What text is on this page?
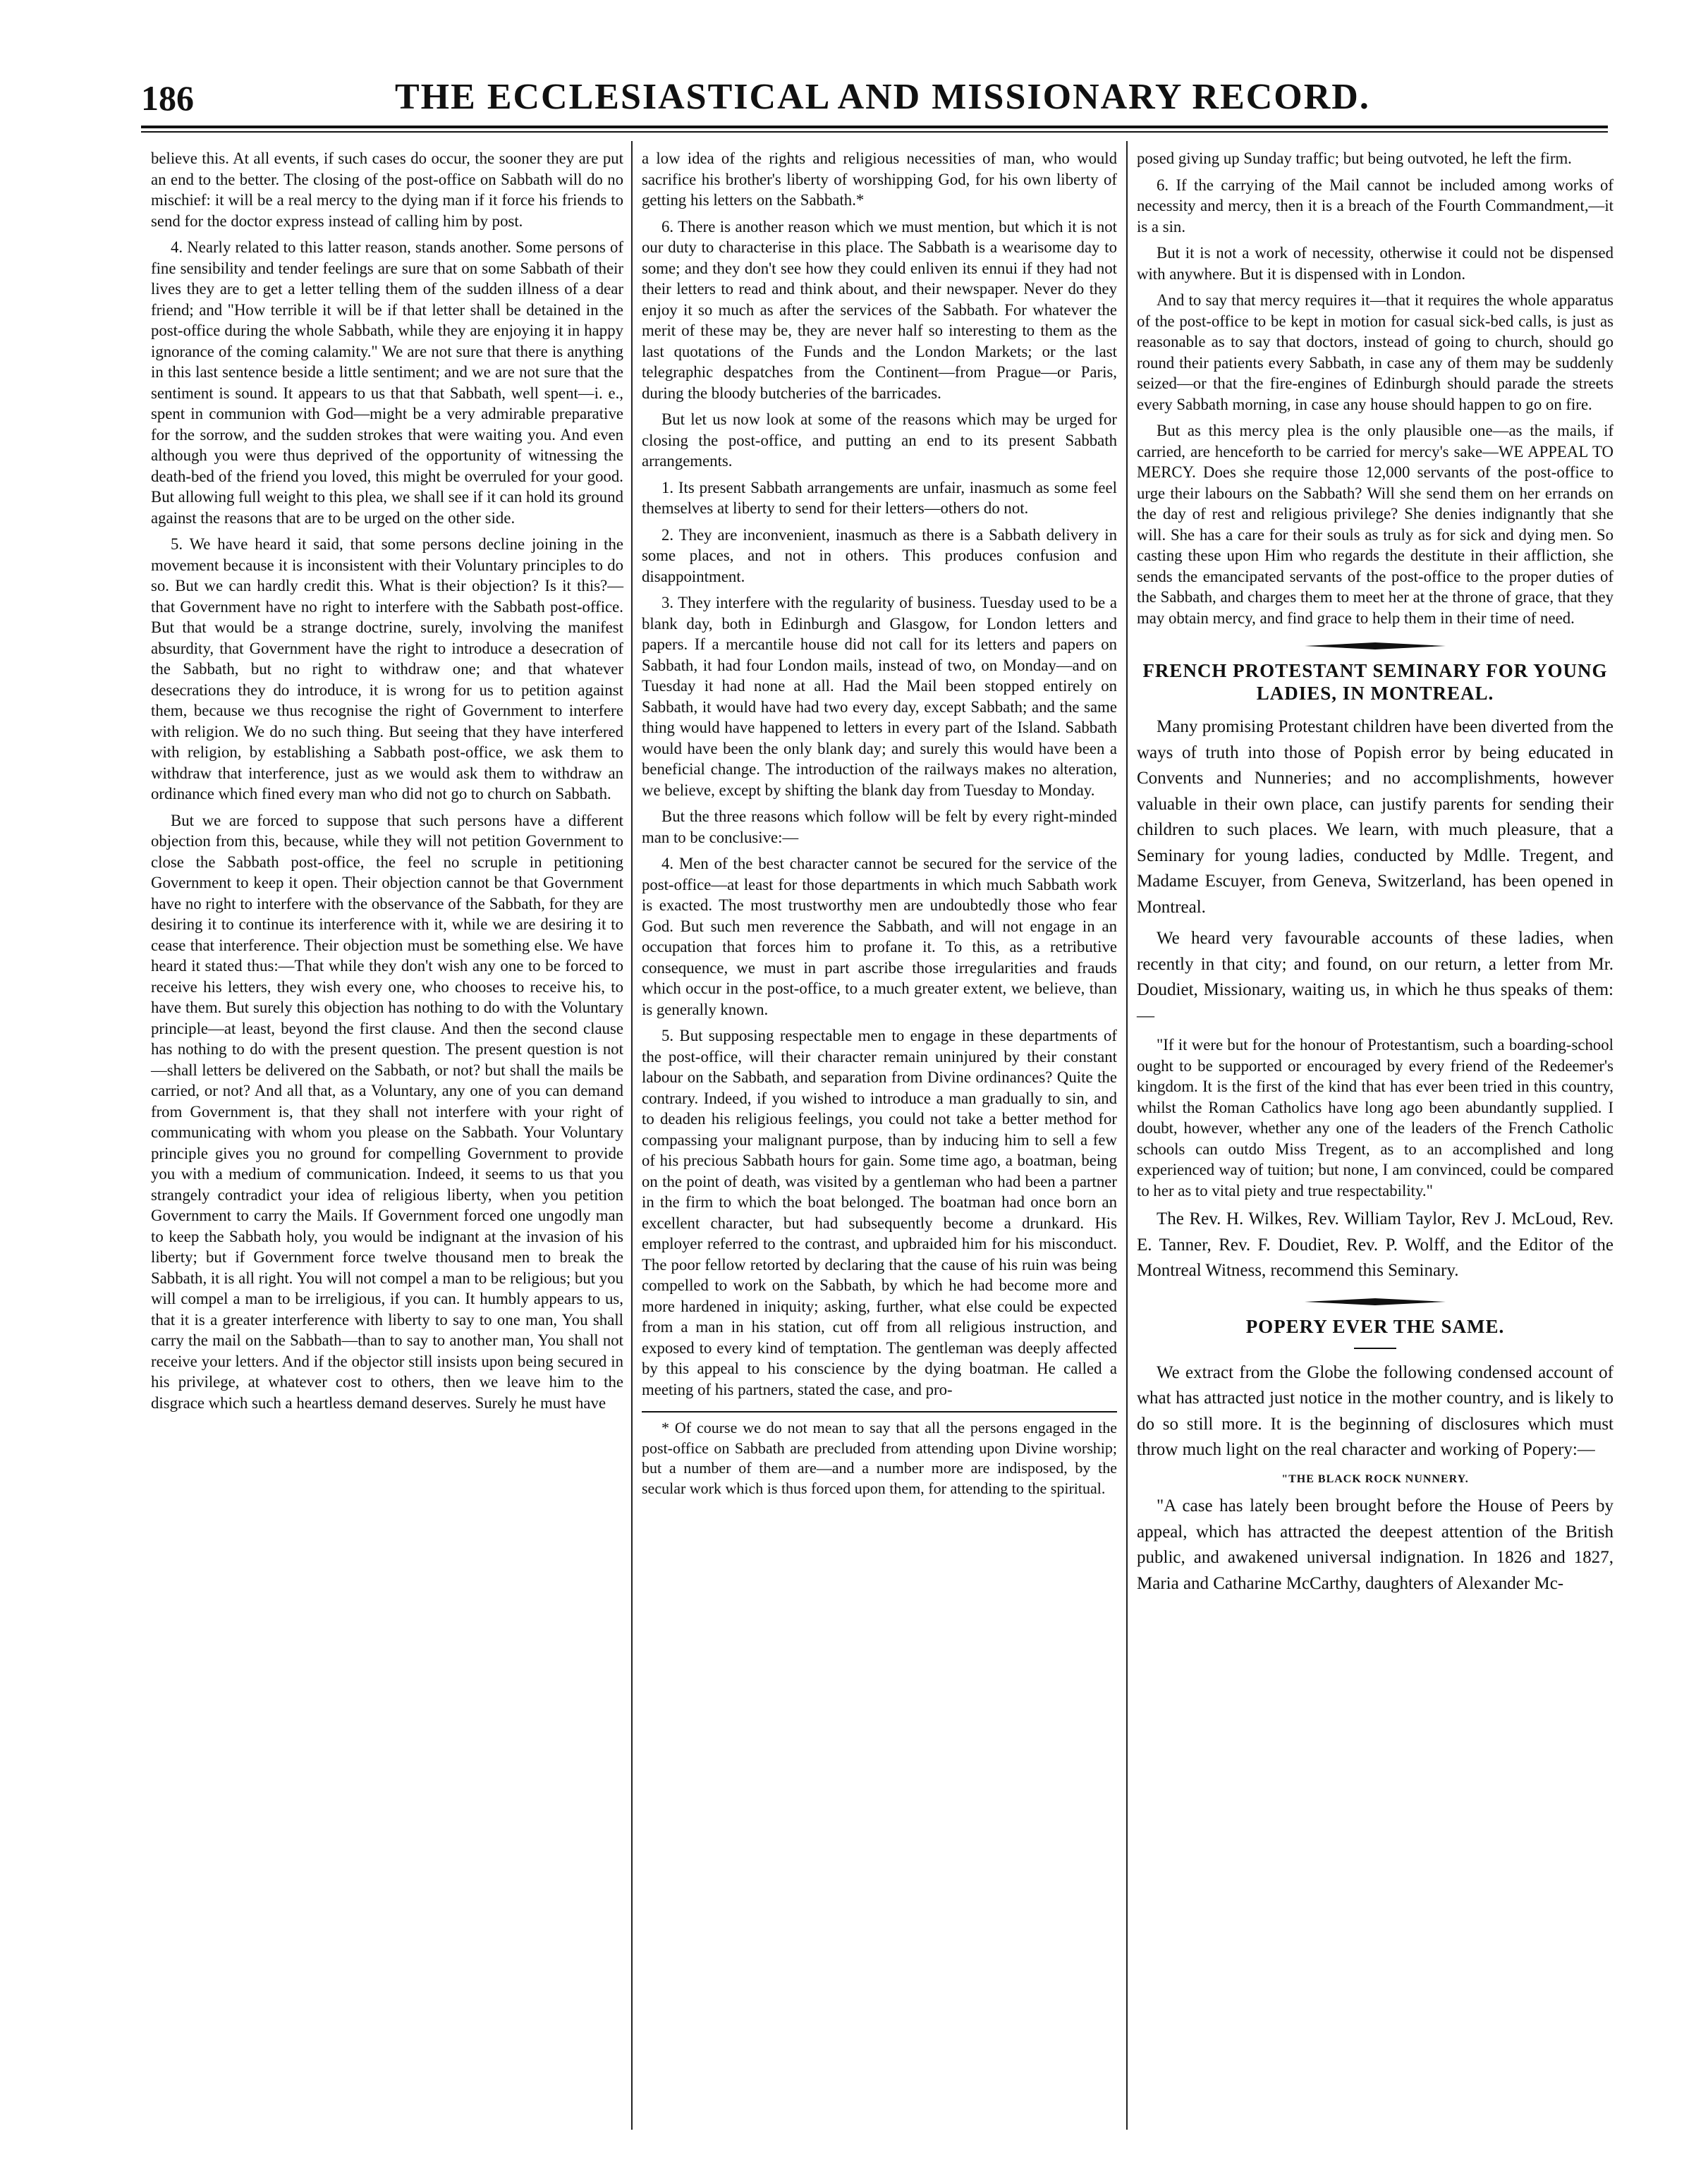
186	THE ECCLESIASTICAL AND MISSIONARY RECORD.

believe this. At all events, if such cases do occur, the sooner they are put an end to the better. The closing of the post-office on Sabbath will do no mischief: it will be a real mercy to the dying man if it force his friends to send for the doctor express instead of calling him by post.

4. Nearly related to this latter reason, stands another. Some persons of fine sensibility and tender feelings are sure that on some Sabbath of their lives they are to get a letter telling them of the sudden illness of a dear friend; and "How terrible it will be if that letter shall be detained in the post-office during the whole Sabbath, while they are enjoying it in happy ignorance of the coming calamity." We are not sure that there is anything in this last sentence beside a little sentiment; and we are not sure that the sentiment is sound. It appears to us that that Sabbath, well spent—i. e., spent in communion with God—might be a very admirable preparative for the sorrow, and the sudden strokes that were waiting you. And even although you were thus deprived of the opportunity of witnessing the death-bed of the friend you loved, this might be overruled for your good. But allowing full weight to this plea, we shall see if it can hold its ground against the reasons that are to be urged on the other side.

5. We have heard it said, that some persons decline joining in the movement because it is inconsistent with their Voluntary principles to do so. But we can hardly credit this. What is their objection? Is it this?—that Government have no right to interfere with the Sabbath post-office. But that would be a strange doctrine, surely, involving the manifest absurdity, that Government have the right to introduce a desecration of the Sabbath, but no right to withdraw one; and that whatever desecrations they do introduce, it is wrong for us to petition against them, because we thus recognise the right of Government to interfere with religion. We do no such thing. But seeing that they have interfered with religion, by establishing a Sabbath post-office, we ask them to withdraw that interference, just as we would ask them to withdraw an ordinance which fined every man who did not go to church on Sabbath.

But we are forced to suppose that such persons have a different objection from this, because, while they will not petition Government to close the Sabbath post-office, the feel no scruple in petitioning Government to keep it open. Their objection cannot be that Government have no right to interfere with the observance of the Sabbath, for they are desiring it to continue its interference with it, while we are desiring it to cease that interference. Their objection must be something else. We have heard it stated thus:—That while they don't wish any one to be forced to receive his letters, they wish every one, who chooses to receive his, to have them. But surely this objection has nothing to do with the Voluntary principle—at least, beyond the first clause. And then the second clause has nothing to do with the present question. The present question is not—shall letters be delivered on the Sabbath, or not? but shall the mails be carried, or not? And all that, as a Voluntary, any one of you can demand from Government is, that they shall not interfere with your right of communicating with whom you please on the Sabbath. Your Voluntary principle gives you no ground for compelling Government to provide you with a medium of communication. Indeed, it seems to us that you strangely contradict your idea of religious liberty, when you petition Government to carry the Mails. If Government forced one ungodly man to keep the Sabbath holy, you would be indignant at the invasion of his liberty; but if Government force twelve thousand men to break the Sabbath, it is all right. You will not compel a man to be religious; but you will compel a man to be irreligious, if you can. It humbly appears to us, that it is a greater interference with liberty to say to one man, You shall carry the mail on the Sabbath—than to say to another man, You shall not receive your letters. And if the objector still insists upon being secured in his privilege, at whatever cost to others, then we leave him to the disgrace which such a heartless demand deserves. Surely he must have

a low idea of the rights and religious necessities of man, who would sacrifice his brother's liberty of worshipping God, for his own liberty of getting his letters on the Sabbath.*

6. There is another reason which we must mention, but which it is not our duty to characterise in this place. The Sabbath is a wearisome day to some; and they don't see how they could enliven its ennui if they had not their letters to read and think about, and their newspaper. Never do they enjoy it so much as after the services of the Sabbath. For whatever the merit of these may be, they are never half so interesting to them as the last quotations of the Funds and the London Markets; or the last telegraphic despatches from the Continent—from Prague—or Paris, during the bloody butcheries of the barricades.

But let us now look at some of the reasons which may be urged for closing the post-office, and putting an end to its present Sabbath arrangements.

1. Its present Sabbath arrangements are unfair, inasmuch as some feel themselves at liberty to send for their letters—others do not.

2. They are inconvenient, inasmuch as there is a Sabbath delivery in some places, and not in others. This produces confusion and disappointment.

3. They interfere with the regularity of business. Tuesday used to be a blank day, both in Edinburgh and Glasgow, for London letters and papers. If a mercantile house did not call for its letters and papers on Sabbath, it had four London mails, instead of two, on Monday—and on Tuesday it had none at all. Had the Mail been stopped entirely on Sabbath, it would have had two every day, except Sabbath; and the same thing would have happened to letters in every part of the Island. Sabbath would have been the only blank day; and surely this would have been a beneficial change. The introduction of the railways makes no alteration, we believe, except by shifting the blank day from Tuesday to Monday.

But the three reasons which follow will be felt by every right-minded man to be conclusive:—

4. Men of the best character cannot be secured for the service of the post-office—at least for those departments in which much Sabbath work is exacted. The most trustworthy men are undoubtedly those who fear God. But such men reverence the Sabbath, and will not engage in an occupation that forces him to profane it. To this, as a retributive consequence, we must in part ascribe those irregularities and frauds which occur in the post-office, to a much greater extent, we believe, than is generally known.

5. But supposing respectable men to engage in these departments of the post-office, will their character remain uninjured by their constant labour on the Sabbath, and separation from Divine ordinances? Quite the contrary. Indeed, if you wished to introduce a man gradually to sin, and to deaden his religious feelings, you could not take a better method for compassing your malignant purpose, than by inducing him to sell a few of his precious Sabbath hours for gain. Some time ago, a boatman, being on the point of death, was visited by a gentleman who had been a partner in the firm to which the boat belonged. The boatman had once born an excellent character, but had subsequently become a drunkard. His employer referred to the contrast, and upbraided him for his misconduct. The poor fellow retorted by declaring that the cause of his ruin was being compelled to work on the Sabbath, by which he had become more and more hardened in iniquity; asking, further, what else could be expected from a man in his station, cut off from all religious instruction, and exposed to every kind of temptation. The gentleman was deeply affected by this appeal to his conscience by the dying boatman. He called a meeting of his partners, stated the case, and pro-

* Of course we do not mean to say that all the persons engaged in the post-office on Sabbath are precluded from attending upon Divine worship; but a number of them are—and a number more are indisposed, by the secular work which is thus forced upon them, for attending to the spiritual.

posed giving up Sunday traffic; but being outvoted, he left the firm.

6. If the carrying of the Mail cannot be included among works of necessity and mercy, then it is a breach of the Fourth Commandment,—it is a sin.

But it is not a work of necessity, otherwise it could not be dispensed with anywhere. But it is dispensed with in London.

And to say that mercy requires it—that it requires the whole apparatus of the post-office to be kept in motion for casual sick-bed calls, is just as reasonable as to say that doctors, instead of going to church, should go round their patients every Sabbath, in case any of them may be suddenly seized—or that the fire-engines of Edinburgh should parade the streets every Sabbath morning, in case any house should happen to go on fire.

But as this mercy plea is the only plausible one—as the mails, if carried, are henceforth to be carried for mercy's sake—WE APPEAL TO MERCY. Does she require those 12,000 servants of the post-office to urge their labours on the Sabbath? Will she send them on her errands on the day of rest and religious privilege? She denies indignantly that she will. She has a care for their souls as truly as for sick and dying men. So casting these upon Him who regards the destitute in their affliction, she sends the emancipated servants of the post-office to the proper duties of the Sabbath, and charges them to meet her at the throne of grace, that they may obtain mercy, and find grace to help them in their time of need.

FRENCH PROTESTANT SEMINARY FOR YOUNG LADIES, IN MONTREAL.

Many promising Protestant children have been diverted from the ways of truth into those of Popish error by being educated in Convents and Nunneries; and no accomplishments, however valuable in their own place, can justify parents for sending their children to such places. We learn, with much pleasure, that a Seminary for young ladies, conducted by Mdlle. Tregent, and Madame Escuyer, from Geneva, Switzerland, has been opened in Montreal.

We heard very favourable accounts of these ladies, when recently in that city; and found, on our return, a letter from Mr. Doudiet, Missionary, waiting us, in which he thus speaks of them:—

"If it were but for the honour of Protestantism, such a boarding-school ought to be supported or encouraged by every friend of the Redeemer's kingdom. It is the first of the kind that has ever been tried in this country, whilst the Roman Catholics have long ago been abundantly supplied. I doubt, however, whether any one of the leaders of the French Catholic schools can outdo Miss Tregent, as to an accomplished and long experienced way of tuition; but none, I am convinced, could be compared to her as to vital piety and true respectability."

The Rev. H. Wilkes, Rev. William Taylor, Rev J. McLoud, Rev. E. Tanner, Rev. F. Doudiet, Rev. P. Wolff, and the Editor of the Montreal Witness, recommend this Seminary.

POPERY EVER THE SAME.

We extract from the Globe the following condensed account of what has attracted just notice in the mother country, and is likely to do so still more. It is the beginning of disclosures which must throw much light on the real character and working of Popery:—

"THE BLACK ROCK NUNNERY.

"A case has lately been brought before the House of Peers by appeal, which has attracted the deepest attention of the British public, and awakened universal indignation. In 1826 and 1827, Maria and Catharine McCarthy, daughters of Alexander Mc-
